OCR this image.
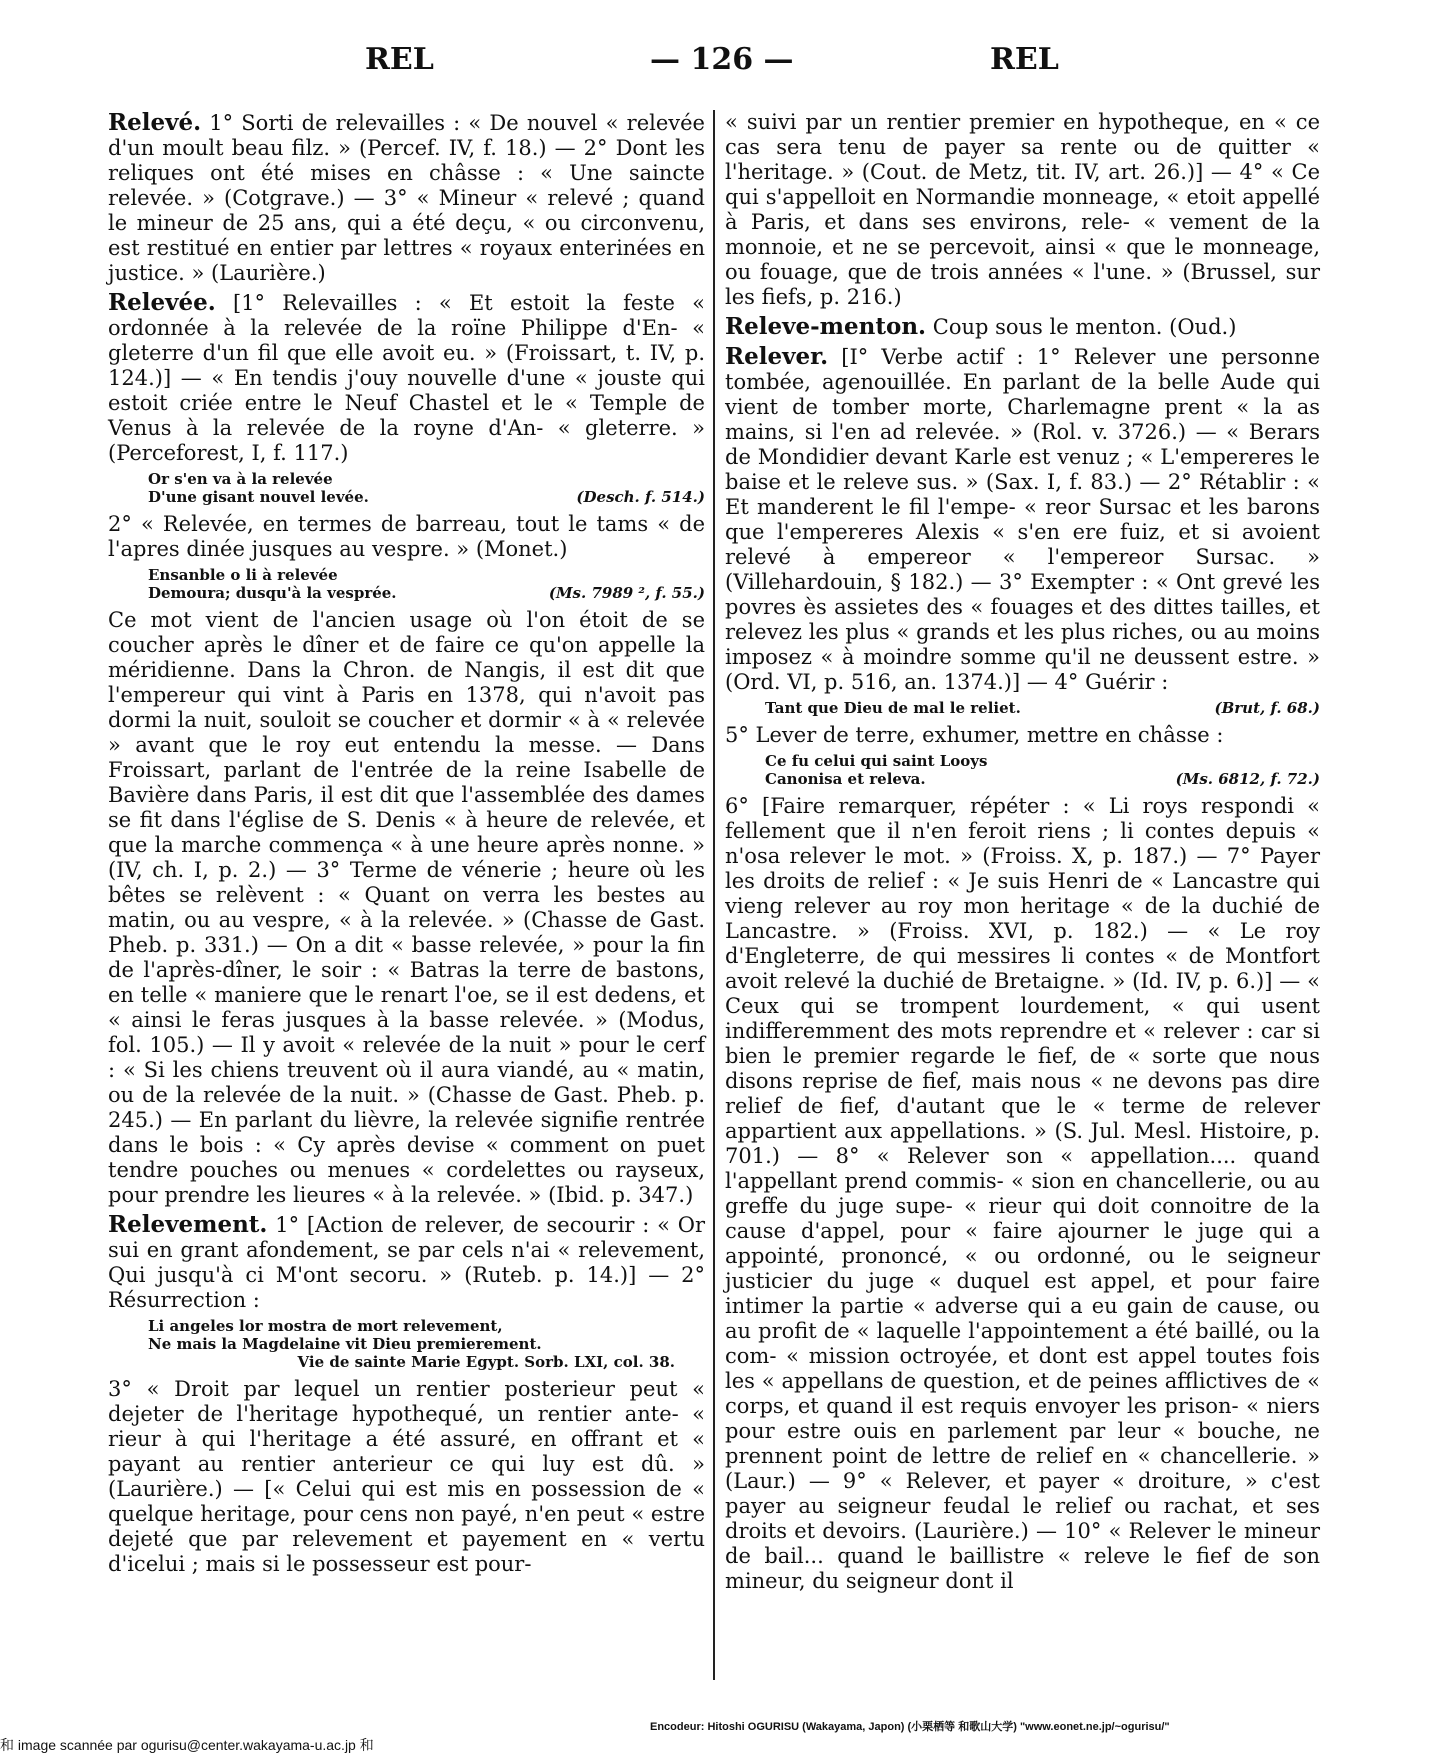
REL	— 126 —	REL

Relevé. 1° Sorti de relevailles : « De nouvel « relevée d'un moult beau filz. » (Percef. IV, f. 18.) — 2° Dont les reliques ont été mises en châsse : « Une saincte relevée. » (Cotgrave.) — 3° « Mineur « relevé ; quand le mineur de 25 ans, qui a été deçu, « ou circonvenu, est restitué en entier par lettres « royaux enterinées en justice. » (Laurière.)

Relevée. [1° Relevailles : « Et estoit la feste « ordonnée à la relevée de la roïne Philippe d'En- « gleterre d'un fil que elle avoit eu. » (Froissart, t. IV, p. 124.)] — « En tendis j'ouy nouvelle d'une « jouste qui estoit criée entre le Neuf Chastel et le « Temple de Venus à la relevée de la royne d'An- « gleterre. » (Perceforest, I, f. 117.)

Or s'en va à la relevée
D'une gisant nouvel levée.	(Desch. f. 514.)

2° « Relevée, en termes de barreau, tout le tams « de l'apres dinée jusques au vespre. » (Monet.)

Ensanble o li à relevée
Demoura; dusqu'à la vesprée.	(Ms. 7989 ², f. 55.)

Ce mot vient de l'ancien usage où l'on étoit de se coucher après le dîner et de faire ce qu'on appelle la méridienne. Dans la Chron. de Nangis, il est dit que l'empereur qui vint à Paris en 1378, qui n'avoit pas dormi la nuit, souloit se coucher et dormir « à « relevée » avant que le roy eut entendu la messe. — Dans Froissart, parlant de l'entrée de la reine Isabelle de Bavière dans Paris, il est dit que l'assemblée des dames se fit dans l'église de S. Denis « à heure de relevée, et que la marche commença « à une heure après nonne. » (IV, ch. I, p. 2.) — 3° Terme de vénerie ; heure où les bêtes se relèvent : « Quant on verra les bestes au matin, ou au vespre, « à la relevée. » (Chasse de Gast. Pheb. p. 331.) — On a dit « basse relevée, » pour la fin de l'après-dîner, le soir : « Batras la terre de bastons, en telle « maniere que le renart l'oe, se il est dedens, et « ainsi le feras jusques à la basse relevée. » (Modus, fol. 105.) — Il y avoit « relevée de la nuit » pour le cerf : « Si les chiens treuvent où il aura viandé, au « matin, ou de la relevée de la nuit. » (Chasse de Gast. Pheb. p. 245.) — En parlant du lièvre, la relevée signifie rentrée dans le bois : « Cy après devise « comment on puet tendre pouches ou menues « cordelettes ou rayseux, pour prendre les lieures « à la relevée. » (Ibid. p. 347.)

Relevement. 1° [Action de relever, de secourir : « Or sui en grant afondement, se par cels n'ai « relevement, Qui jusqu'à ci M'ont secoru. » (Ruteb. p. 14.)] — 2° Résurrection :

Li angeles lor mostra de mort relevement,
Ne mais la Magdelaine vit Dieu premierement.
Vie de sainte Marie Egypt. Sorb. LXI, col. 38.

3° « Droit par lequel un rentier posterieur peut « dejeter de l'heritage hypothequé, un rentier ante- « rieur à qui l'heritage a été assuré, en offrant et « payant au rentier anterieur ce qui luy est dû. » (Laurière.) — [« Celui qui est mis en possession de « quelque heritage, pour cens non payé, n'en peut « estre dejeté que par relevement et payement en « vertu d'icelui ; mais si le possesseur est pour-

« suivi par un rentier premier en hypotheque, en « ce cas sera tenu de payer sa rente ou de quitter « l'heritage. » (Cout. de Metz, tit. IV, art. 26.)] — 4° « Ce qui s'appelloit en Normandie monneage, « etoit appellé à Paris, et dans ses environs, rele- « vement de la monnoie, et ne se percevoit, ainsi « que le monneage, ou fouage, que de trois années « l'une. » (Brussel, sur les fiefs, p. 216.)

Releve-menton. Coup sous le menton. (Oud.)

Relever. [I° Verbe actif : 1° Relever une personne tombée, agenouillée. En parlant de la belle Aude qui vient de tomber morte, Charlemagne prent « la as mains, si l'en ad relevée. » (Rol. v. 3726.) — « Berars de Mondidier devant Karle est venuz ; « L'empereres le baise et le releve sus. » (Sax. I, f. 83.) — 2° Rétablir : « Et manderent le fil l'empe- « reor Sursac et les barons que l'empereres Alexis « s'en ere fuiz, et si avoient relevé à empereor « l'empereor Sursac. » (Villehardouin, § 182.) — 3° Exempter : « Ont grevé les povres ès assietes des « fouages et des dittes tailles, et relevez les plus « grands et les plus riches, ou au moins imposez « à moindre somme qu'il ne deussent estre. » (Ord. VI, p. 516, an. 1374.)] — 4° Guérir :

Tant que Dieu de mal le reliet.	(Brut, f. 68.)

5° Lever de terre, exhumer, mettre en châsse :

Ce fu celui qui saint Looys
Canonisa et releva.	(Ms. 6812, f. 72.)

6° [Faire remarquer, répéter : « Li roys respondi « fellement que il n'en feroit riens ; li contes depuis « n'osa relever le mot. » (Froiss. X, p. 187.) — 7° Payer les droits de relief : « Je suis Henri de « Lancastre qui vieng relever au roy mon heritage « de la duchié de Lancastre. » (Froiss. XVI, p. 182.) — « Le roy d'Engleterre, de qui messires li contes « de Montfort avoit relevé la duchié de Bretaigne. » (Id. IV, p. 6.)] — « Ceux qui se trompent lourdement, « qui usent indifferemment des mots reprendre et « relever : car si bien le premier regarde le fief, de « sorte que nous disons reprise de fief, mais nous « ne devons pas dire relief de fief, d'autant que le « terme de relever appartient aux appellations. » (S. Jul. Mesl. Histoire, p. 701.) — 8° « Relever son « appellation.... quand l'appellant prend commis- « sion en chancellerie, ou au greffe du juge supe- « rieur qui doit connoitre de la cause d'appel, pour « faire ajourner le juge qui a appointé, prononcé, « ou ordonné, ou le seigneur justicier du juge « duquel est appel, et pour faire intimer la partie « adverse qui a eu gain de cause, ou au profit de « laquelle l'appointement a été baillé, ou la com- « mission octroyée, et dont est appel toutes fois les « appellans de question, et de peines afflictives de « corps, et quand il est requis envoyer les prison- « niers pour estre ouis en parlement par leur « bouche, ne prennent point de lettre de relief en « chancellerie. » (Laur.) — 9° « Relever, et payer « droiture, » c'est payer au seigneur feudal le relief ou rachat, et ses droits et devoirs. (Laurière.) — 10° « Relever le mineur de bail... quand le baillistre « releve le fief de son mineur, du seigneur dont il

Encodeur: Hitoshi OGURISU (Wakayama, Japon) (小栗栖等 和歌山大学) "www.eonet.ne.jp/~ogurisu/"
和 image scannée par ogurisu@center.wakayama-u.ac.jp 和
